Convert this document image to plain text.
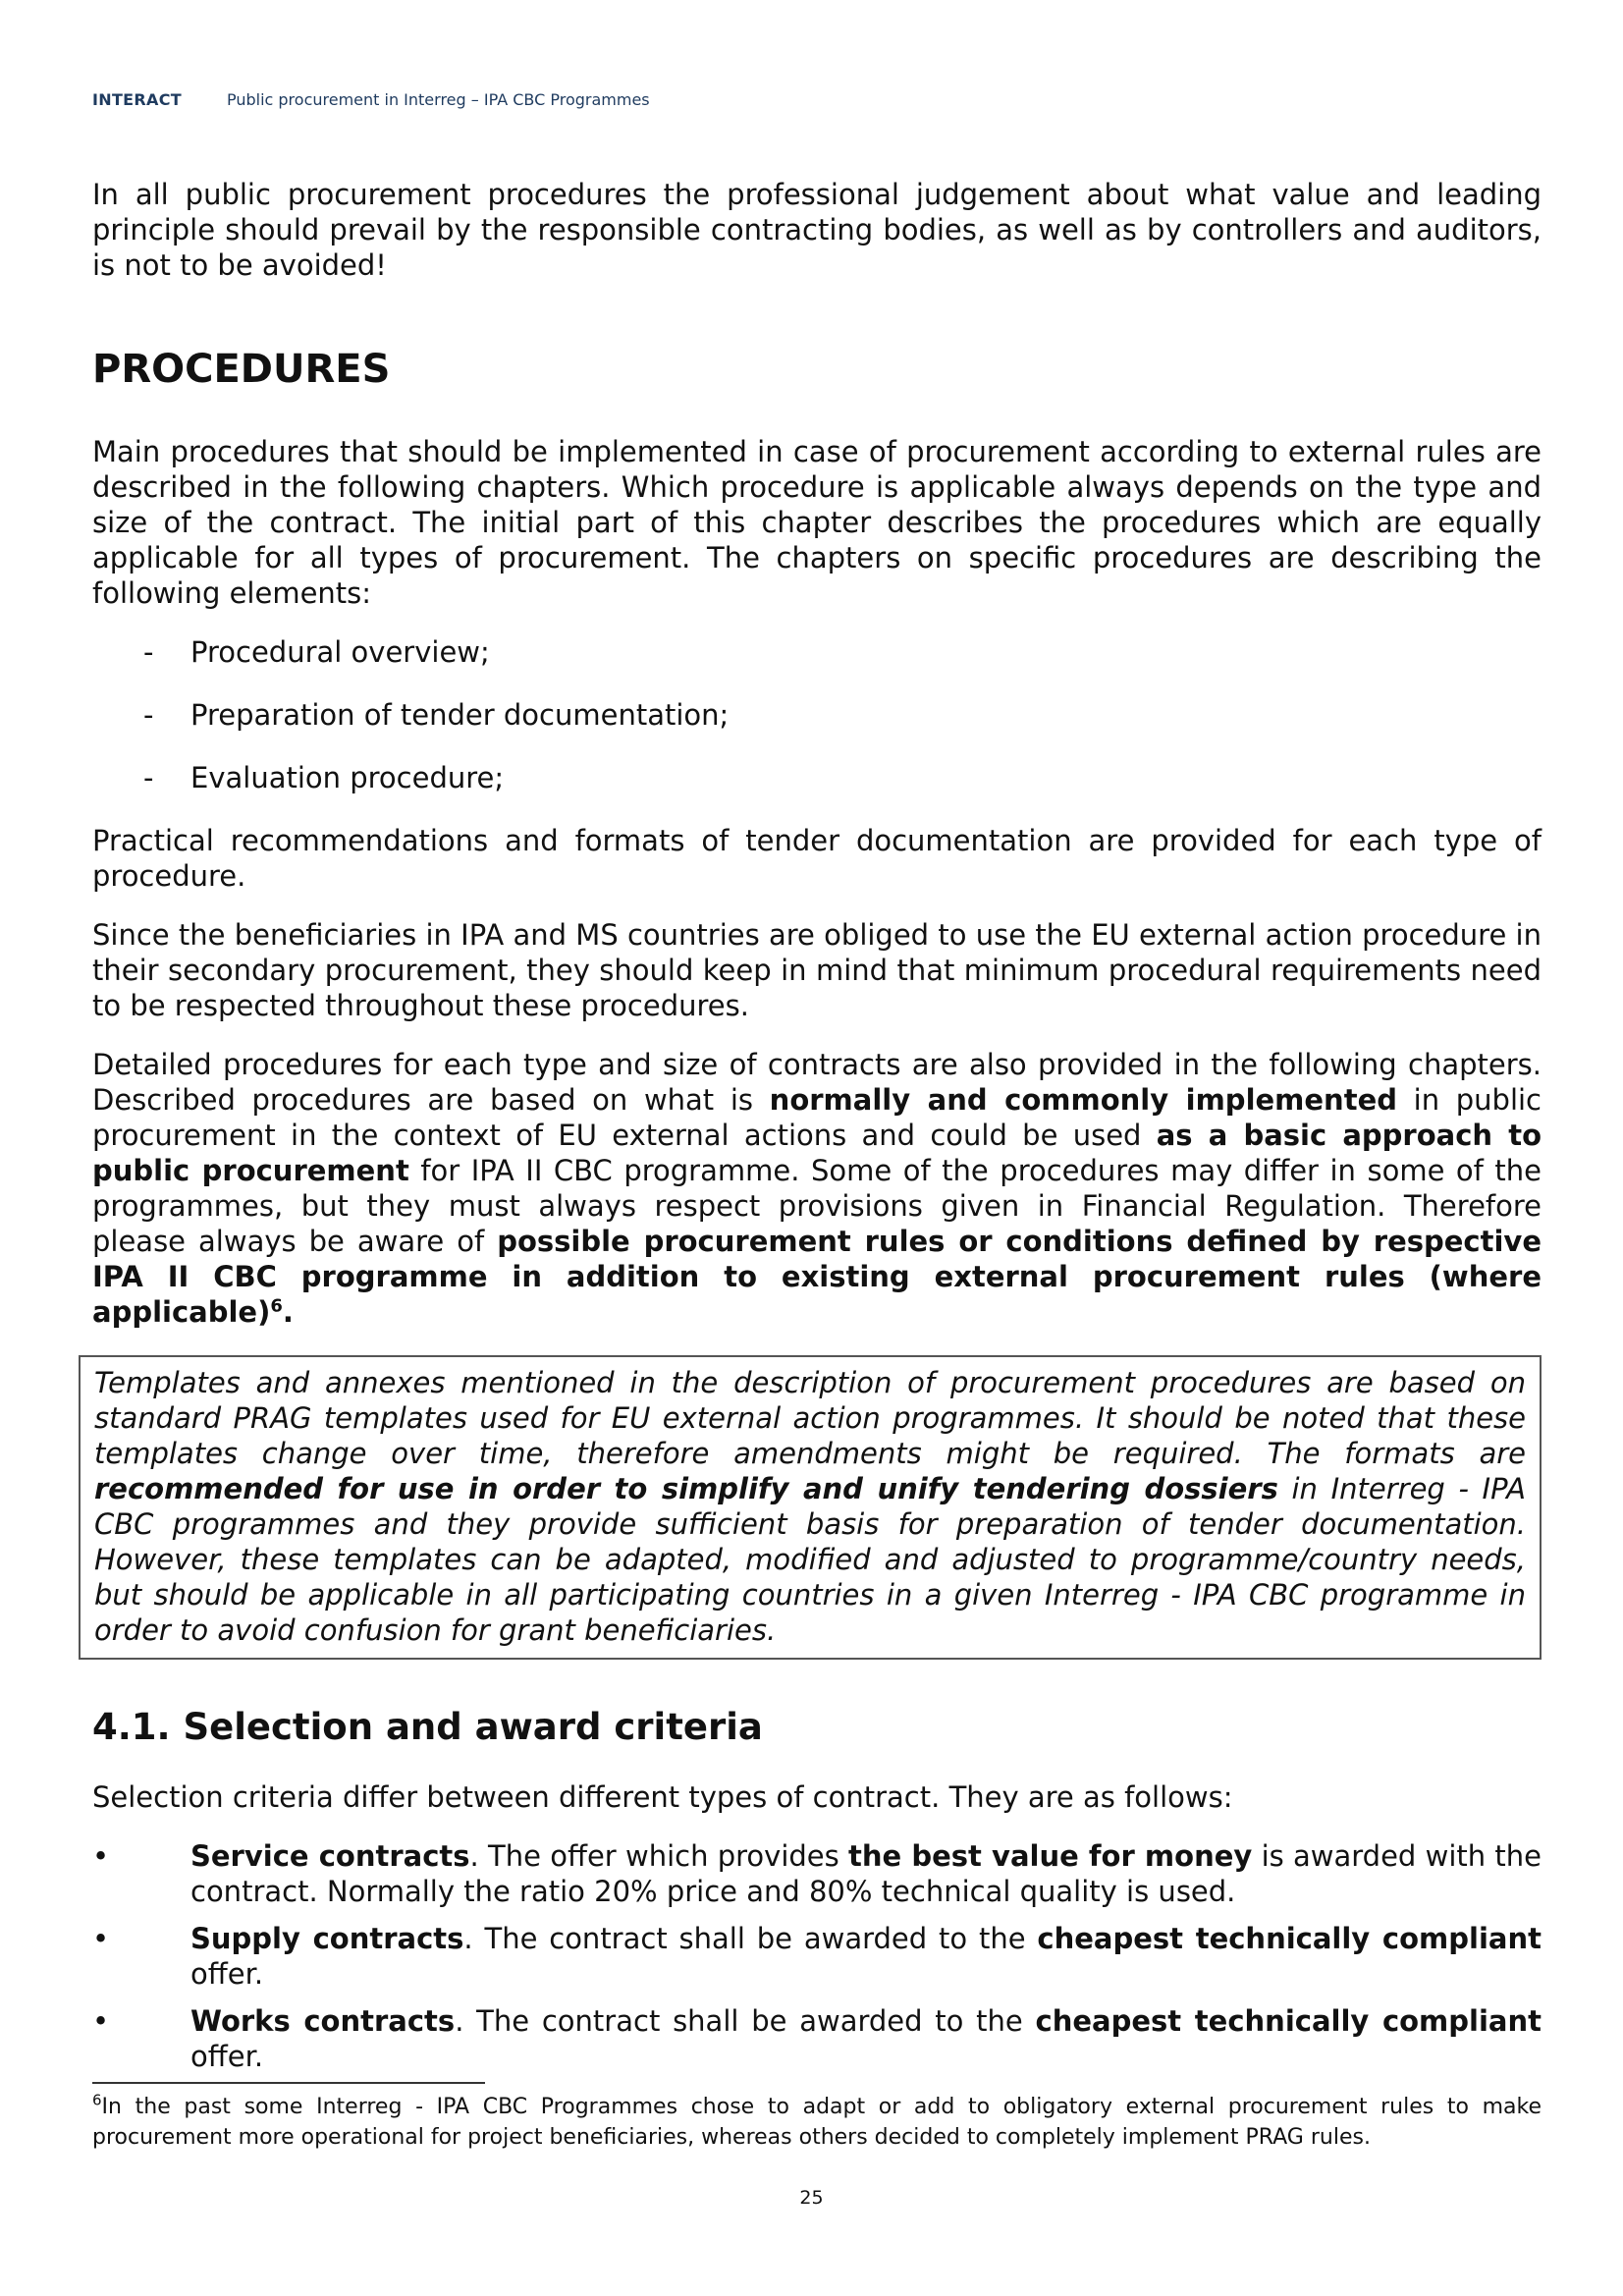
INTERACT	Public procurement in Interreg – IPA CBC Programmes

In all public procurement procedures the professional judgement about what value and leading principle should prevail by the responsible contracting bodies, as well as by controllers and auditors, is not to be avoided!

PROCEDURES

Main procedures that should be implemented in case of procurement according to external rules are described in the following chapters. Which procedure is applicable always depends on the type and size of the contract. The initial part of this chapter describes the procedures which are equally applicable for all types of procurement. The chapters on specific procedures are describing the following elements:

- Procedural overview;
- Preparation of tender documentation;
- Evaluation procedure;

Practical recommendations and formats of tender documentation are provided for each type of procedure.

Since the beneficiaries in IPA and MS countries are obliged to use the EU external action procedure in their secondary procurement, they should keep in mind that minimum procedural requirements need to be respected throughout these procedures.

Detailed procedures for each type and size of contracts are also provided in the following chapters. Described procedures are based on what is normally and commonly implemented in public procurement in the context of EU external actions and could be used as a basic approach to public procurement for IPA II CBC programme. Some of the procedures may differ in some of the programmes, but they must always respect provisions given in Financial Regulation. Therefore please always be aware of possible procurement rules or conditions defined by respective IPA II CBC programme in addition to existing external procurement rules (where applicable)$^6$.

Templates and annexes mentioned in the description of procurement procedures are based on standard PRAG templates used for EU external action programmes. It should be noted that these templates change over time, therefore amendments might be required. The formats are recommended for use in order to simplify and unify tendering dossiers in Interreg - IPA CBC programmes and they provide sufficient basis for preparation of tender documentation. However, these templates can be adapted, modified and adjusted to programme/country needs, but should be applicable in all participating countries in a given Interreg - IPA CBC programme in order to avoid confusion for grant beneficiaries.
4.1. Selection and award criteria

Selection criteria differ between different types of contract. They are as follows:

•	Service contracts. The offer which provides the best value for money is awarded with the contract. Normally the ratio 20% price and 80% technical quality is used.
•	Supply contracts. The contract shall be awarded to the cheapest technically compliant offer.
•	Works contracts. The contract shall be awarded to the cheapest technically compliant offer.
$^6$In the past some Interreg - IPA CBC Programmes chose to adapt or add to obligatory external procurement rules to make procurement more operational for project beneficiaries, whereas others decided to completely implement PRAG rules.
25
